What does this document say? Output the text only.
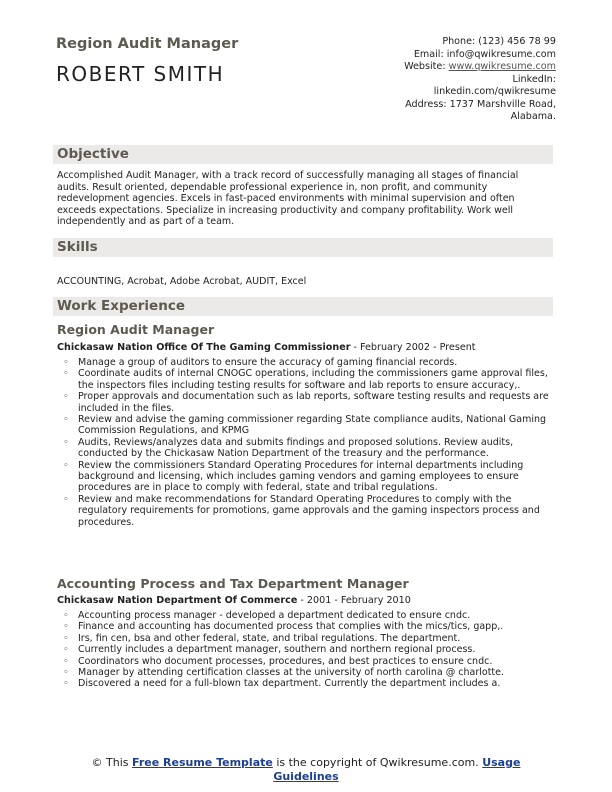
Region Audit Manager
ROBERT SMITH
Phone: (123) 456 78 99
Email: info@qwikresume.com
Website: www.qwikresume.com
LinkedIn:
linkedin.com/qwikresume
Address: 1737 Marshville Road,
Alabama.
Objective
Accomplished Audit Manager, with a track record of successfully managing all stages of financial audits. Result oriented, dependable professional experience in, non profit, and community redevelopment agencies. Excels in fast-paced environments with minimal supervision and often exceeds expectations. Specialize in increasing productivity and company profitability. Work well independently and as part of a team.
Skills
ACCOUNTING, Acrobat, Adobe Acrobat, AUDIT, Excel
Work Experience
Region Audit Manager
Chickasaw Nation Office Of The Gaming Commissioner - February 2002 - Present
◦ Manage a group of auditors to ensure the accuracy of gaming financial records.
◦ Coordinate audits of internal CNOGC operations, including the commissioners game approval files, the inspectors files including testing results for software and lab reports to ensure accuracy,.
◦ Proper approvals and documentation such as lab reports, software testing results and requests are included in the files.
◦ Review and advise the gaming commissioner regarding State compliance audits, National Gaming Commission Regulations, and KPMG
◦ Audits, Reviews/analyzes data and submits findings and proposed solutions. Review audits, conducted by the Chickasaw Nation Department of the treasury and the performance.
◦ Review the commissioners Standard Operating Procedures for internal departments including background and licensing, which includes gaming vendors and gaming employees to ensure procedures are in place to comply with federal, state and tribal regulations.
◦ Review and make recommendations for Standard Operating Procedures to comply with the regulatory requirements for promotions, game approvals and the gaming inspectors process and procedures.
Accounting Process and Tax Department Manager
Chickasaw Nation Department Of Commerce - 2001 - February 2010
◦ Accounting process manager - developed a department dedicated to ensure cndc.
◦ Finance and accounting has documented process that complies with the mics/tics, gapp,.
◦ Irs, fin cen, bsa and other federal, state, and tribal regulations. The department.
◦ Currently includes a department manager, southern and northern regional process.
◦ Coordinators who document processes, procedures, and best practices to ensure cndc.
◦ Manager by attending certification classes at the university of north carolina @ charlotte.
◦ Discovered a need for a full-blown tax department. Currently the department includes a.
© This Free Resume Template is the copyright of Qwikresume.com. Usage Guidelines
